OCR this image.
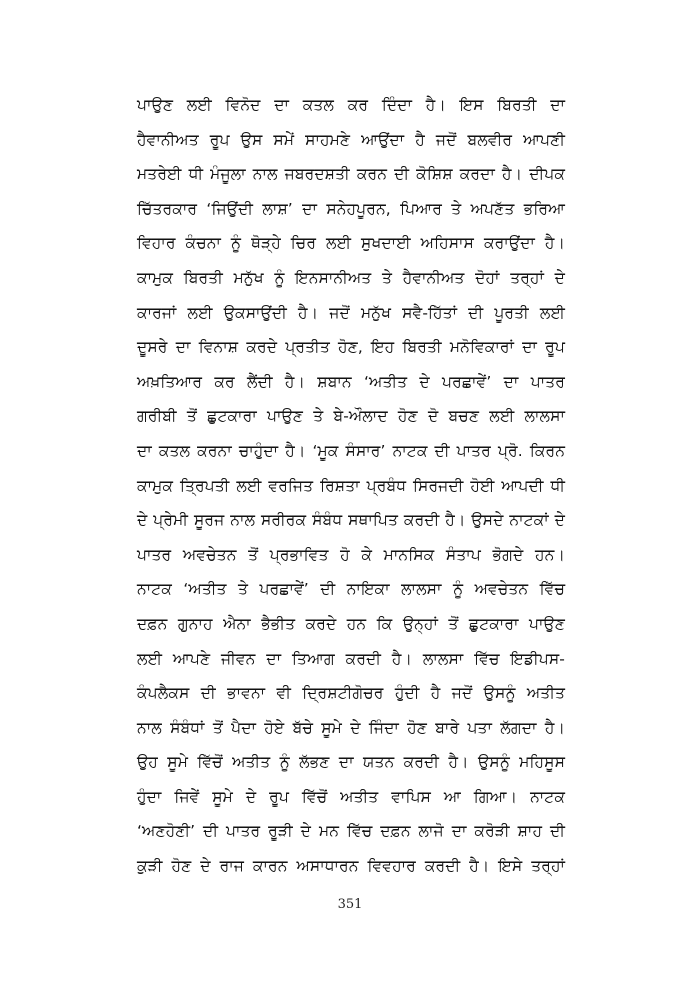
ਪਾਉਣ ਲਈ ਵਿਨੋਦ ਦਾ ਕਤਲ ਕਰ ਦਿੰਦਾ ਹੈ। ਇਸ ਬਿਰਤੀ ਦਾ
ਹੈਵਾਨੀਅਤ ਰੂਪ ਉਸ ਸਮੇਂ ਸਾਹਮਣੇ ਆਉਂਦਾ ਹੈ ਜਦੋਂ ਬਲਵੀਰ ਆਪਣੀ
ਮਤਰੇਈ ਧੀ ਮੰਜੂਲਾ ਨਾਲ ਜਬਰਦਸ਼ਤੀ ਕਰਨ ਦੀ ਕੋਸ਼ਿਸ਼ ਕਰਦਾ ਹੈ। ਦੀਪਕ
ਚਿੱਤਰਕਾਰ ‘ਜਿਉਂਦੀ ਲਾਸ਼’ ਦਾ ਸਨੇਹਪੂਰਨ, ਪਿਆਰ ਤੇ ਅਪਣੱਤ ਭਰਿਆ
ਵਿਹਾਰ ਕੰਚਨਾ ਨੂੰ ਥੋੜ੍ਹੇ ਚਿਰ ਲਈ ਸੁਖਦਾਈ ਅਹਿਸਾਸ ਕਰਾਉਂਦਾ ਹੈ।
ਕਾਮੁਕ ਬਿਰਤੀ ਮਨੁੱਖ ਨੂੰ ਇਨਸਾਨੀਅਤ ਤੇ ਹੈਵਾਨੀਅਤ ਦੋਹਾਂ ਤਰ੍ਹਾਂ ਦੇ
ਕਾਰਜਾਂ ਲਈ ਉਕਸਾਉਂਦੀ ਹੈ। ਜਦੋਂ ਮਨੁੱਖ ਸਵੈ-ਹਿੱਤਾਂ ਦੀ ਪੂਰਤੀ ਲਈ
ਦੂਸਰੇ ਦਾ ਵਿਨਾਸ਼ ਕਰਦੇ ਪ੍ਰਤੀਤ ਹੋਣ, ਇਹ ਬਿਰਤੀ ਮਨੋਵਿਕਾਰਾਂ ਦਾ ਰੂਪ
ਅਖ਼ਤਿਆਰ ਕਰ ਲੈਂਦੀ ਹੈ। ਸ਼ਬਾਨ ‘ਅਤੀਤ ਦੇ ਪਰਛਾਵੇਂ’ ਦਾ ਪਾਤਰ
ਗਰੀਬੀ ਤੋਂ ਛੁਟਕਾਰਾ ਪਾਉਣ ਤੇ ਬੇ-ਔਲਾਦ ਹੋਣ ਦੋ ਬਚਣ ਲਈ ਲਾਲਸਾ
ਦਾ ਕਤਲ ਕਰਨਾ ਚਾਹੁੰਦਾ ਹੈ। ‘ਮੂਕ ਸੰਸਾਰ’ ਨਾਟਕ ਦੀ ਪਾਤਰ ਪ੍ਰੋ. ਕਿਰਨ
ਕਾਮੁਕ ਤ੍ਰਿਪਤੀ ਲਈ ਵਰਜਿਤ ਰਿਸ਼ਤਾ ਪ੍ਰਬੰਧ ਸਿਰਜਦੀ ਹੋਈ ਆਪਦੀ ਧੀ
ਦੇ ਪ੍ਰੇਮੀ ਸੂਰਜ ਨਾਲ ਸਰੀਰਕ ਸੰਬੰਧ ਸਥਾਪਿਤ ਕਰਦੀ ਹੈ। ਉਸਦੇ ਨਾਟਕਾਂ ਦੇ
ਪਾਤਰ ਅਵਚੇਤਨ ਤੋਂ ਪ੍ਰਭਾਵਿਤ ਹੋ ਕੇ ਮਾਨਸਿਕ ਸੰਤਾਪ ਭੋਗਦੇ ਹਨ।
ਨਾਟਕ ‘ਅਤੀਤ ਤੇ ਪਰਛਾਵੇਂ’ ਦੀ ਨਾਇਕਾ ਲਾਲਸਾ ਨੂੰ ਅਵਚੇਤਨ ਵਿੱਚ
ਦਫ਼ਨ ਗੁਨਾਹ ਐਨਾ ਭੈਭੀਤ ਕਰਦੇ ਹਨ ਕਿ ਉਨ੍ਹਾਂ ਤੋਂ ਛੁਟਕਾਰਾ ਪਾਉਣ
ਲਈ ਆਪਣੇ ਜੀਵਨ ਦਾ ਤਿਆਗ ਕਰਦੀ ਹੈ। ਲਾਲਸਾ ਵਿੱਚ ਇਡੀਪਸ-
ਕੰਪਲੈਕਸ ਦੀ ਭਾਵਨਾ ਵੀ ਦ੍ਰਿਸ਼ਟੀਗੋਚਰ ਹੁੰਦੀ ਹੈ ਜਦੋਂ ਉਸਨੂੰ ਅਤੀਤ
ਨਾਲ ਸੰਬੰਧਾਂ ਤੋਂ ਪੈਦਾ ਹੋਏ ਬੱਚੇ ਸੂਮੇ ਦੇ ਜਿੰਦਾ ਹੋਣ ਬਾਰੇ ਪਤਾ ਲੱਗਦਾ ਹੈ।
ਉਹ ਸੂਮੇ ਵਿੱਚੋਂ ਅਤੀਤ ਨੂੰ ਲੱਭਣ ਦਾ ਯਤਨ ਕਰਦੀ ਹੈ। ਉਸਨੂੰ ਮਹਿਸੂਸ
ਹੁੰਦਾ ਜਿਵੇਂ ਸੂਮੇ ਦੇ ਰੂਪ ਵਿੱਚੋਂ ਅਤੀਤ ਵਾਪਿਸ ਆ ਗਿਆ। ਨਾਟਕ
‘ਅਣਹੋਣੀ’ ਦੀ ਪਾਤਰ ਰੂੜੀ ਦੇ ਮਨ ਵਿੱਚ ਦਫ਼ਨ ਲਾਜੋ ਦਾ ਕਰੋੜੀ ਸ਼ਾਹ ਦੀ
ਕੁੜੀ ਹੋਣ ਦੇ ਰਾਜ ਕਾਰਨ ਅਸਾਧਾਰਨ ਵਿਵਹਾਰ ਕਰਦੀ ਹੈ। ਇਸੇ ਤਰ੍ਹਾਂ
351
